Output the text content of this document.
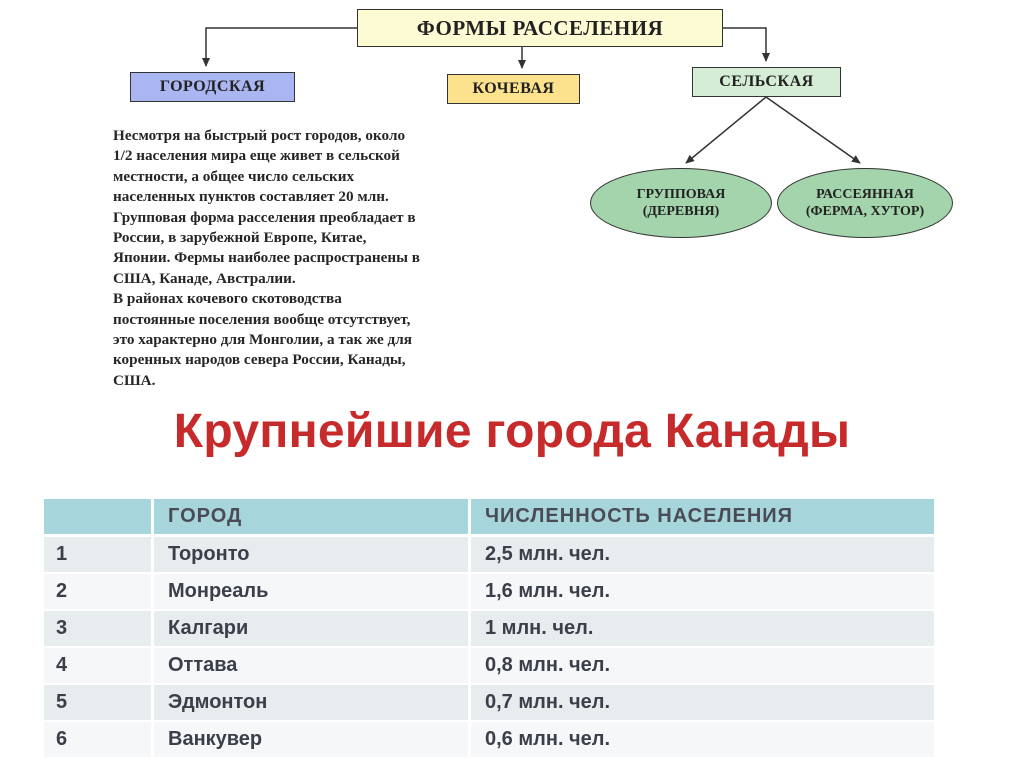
ФОРМЫ РАССЕЛЕНИЯ
ГОРОДСКАЯ	КОЧЕВАЯ	СЕЛЬСКАЯ
ГРУППОВАЯ
(ДЕРЕВНЯ)
РАССЕЯННАЯ
(ФЕРМА, ХУТОР)

Несмотря на быстрый рост городов, около

1/2 населения мира еще живет в сельской

местности, а общее число сельских

населенных пунктов составляет 20 млн.

Групповая форма расселения преобладает в

России, в зарубежной Европе, Китае,

Японии. Фермы наиболее распространены в

США, Канаде, Австралии.

В районах кочевого скотоводства

постоянные поселения вообще отсутствует,

это характерно для Монголии, а так же для

коренных народов севера России, Канады,

США.

Крупнейшие города Канады
	ГОРОД	ЧИСЛЕННОСТЬ НАСЕЛЕНИЯ
1	Торонто	2,5 млн. чел.
2	Монреаль	1,6 млн. чел.
3	Калгари	1 млн. чел.
4	Оттава	0,8 млн. чел.
5	Эдмонтон	0,7 млн. чел.
6	Ванкувер	0,6 млн. чел.
